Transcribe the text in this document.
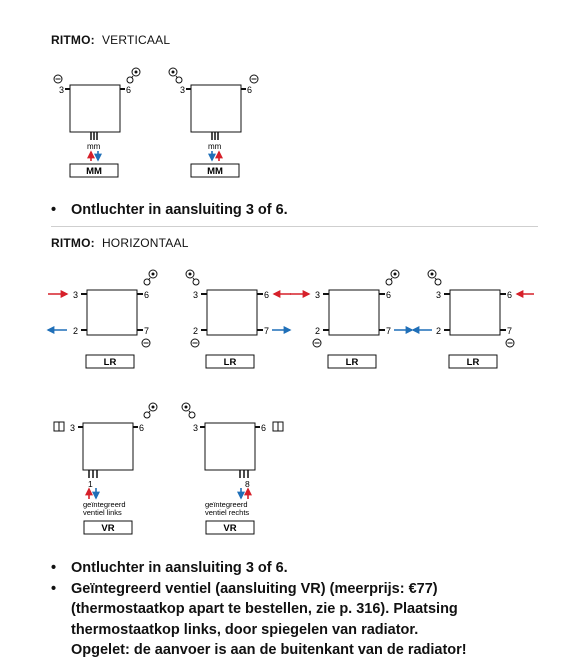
RITMO: VERTICAAL
3	6
mm
MM
3	6
mm
MM
• Ontluchter in aansluiting 3 of 6.
RITMO: HORIZONTAAL
3	6
2	7
LR
3	6
2	7
LR
3	6
2	7
LR
3	6
2	7
LR
3	6
1
geïntegreerd
ventiel links
VR
3	6
8
geïntegreerd
ventiel rechts
VR
• Ontluchter in aansluiting 3 of 6.
• Geïntegreerd ventiel (aansluiting VR) (meerprijs: €77)
(thermostaatkop apart te bestellen, zie p. 316). Plaatsing
thermostaatkop links, door spiegelen van radiator.
Opgelet: de aanvoer is aan de buitenkant van de radiator!
